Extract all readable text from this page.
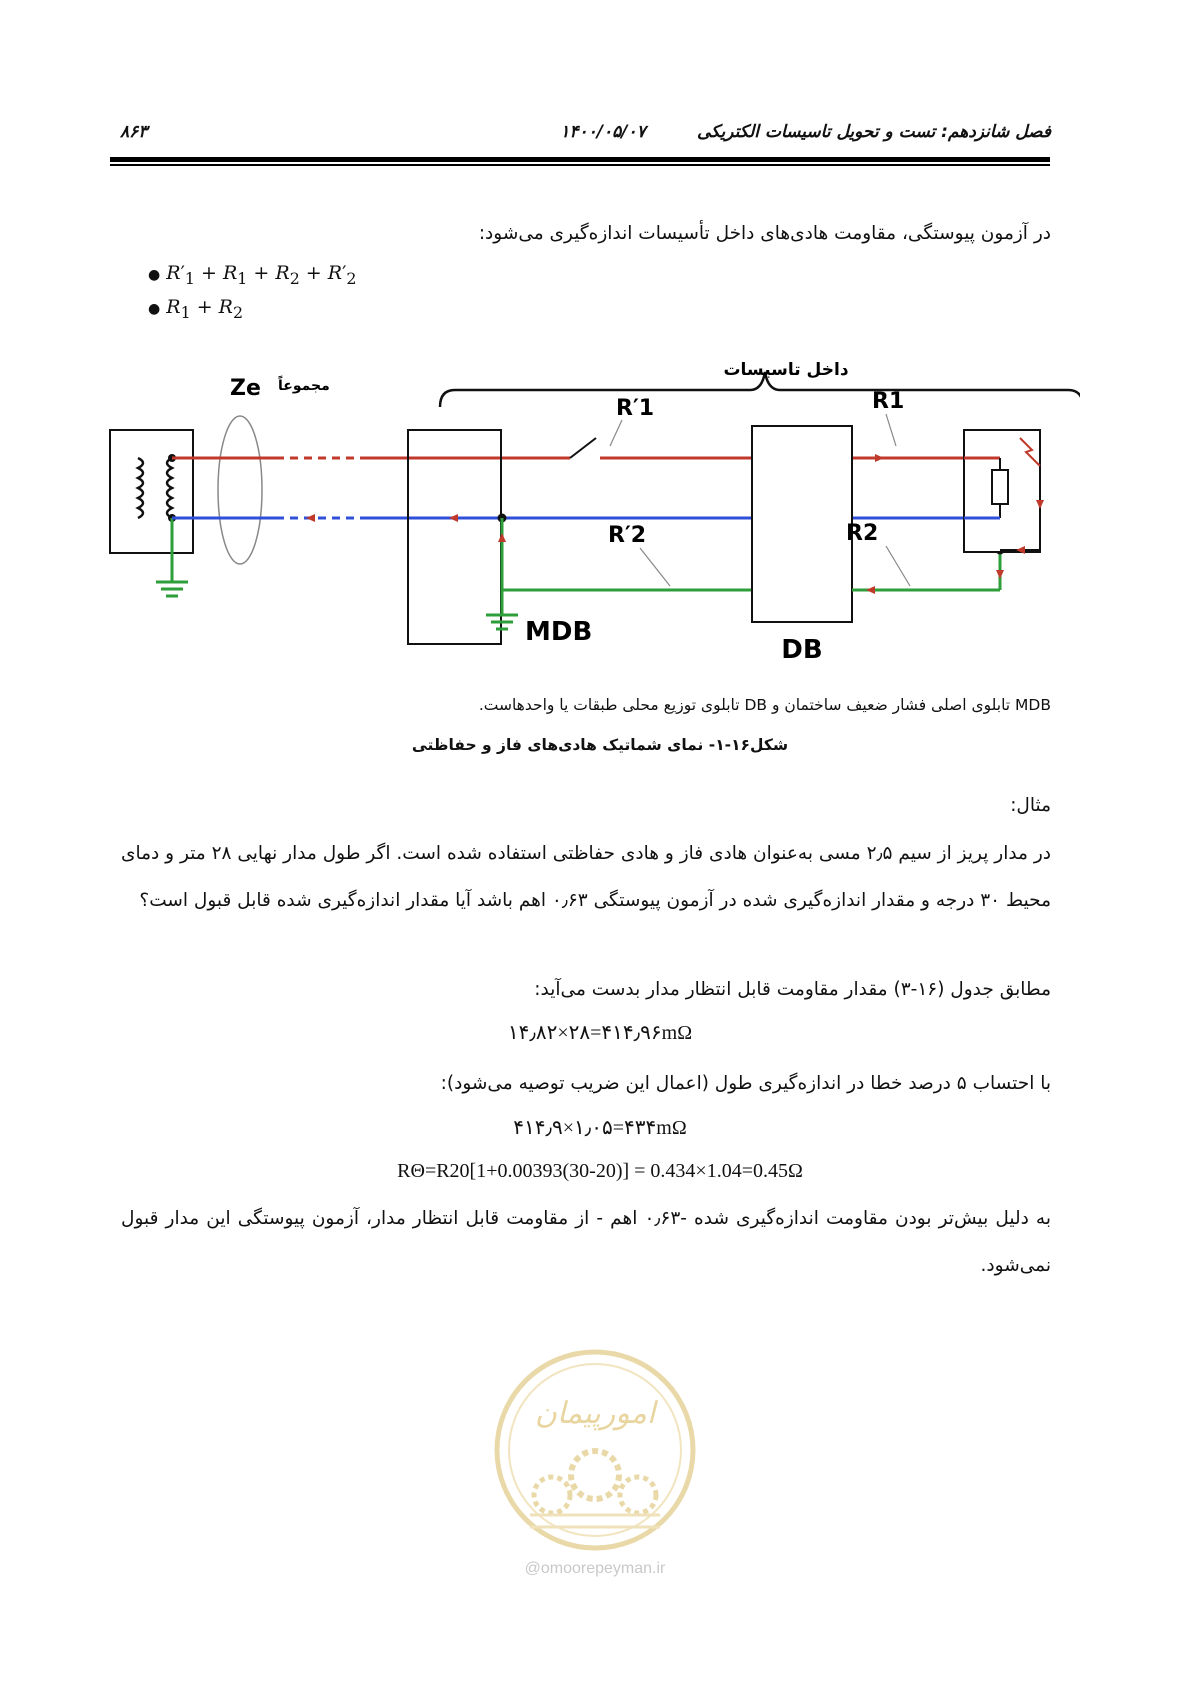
فصل شانزدهم: تست و تحویل تاسیسات الکتریکی
۱۴۰۰/۰۵/۰۷
۸۶۳
در آزمون پیوستگی، مقاومت هادی‌های داخل تأسیسات اندازه‌گیری می‌شود:
● $R'_1 + R_1 + R_2 + R'_2$
● $R_1 + R_2$
داخل تاسیسات
Ze مجموعاً
MDB
DB
R′1	R1
R′2	R2
MDB تابلوی اصلی فشار ضعیف ساختمان و DB تابلوی توزیع محلی طبقات یا واحدهاست.
شکل۱۶-۱- نمای شماتیک هادی‌های فاز و حفاظتی
مثال:
در مدار پریز از سیم ۲٫۵ مسی به‌عنوان هادی فاز و هادی حفاظتی استفاده شده است. اگر طول مدار نهایی ۲۸ متر و دمای محیط ۳۰ درجه و مقدار اندازه‌گیری شده در آزمون پیوستگی ۰٫۶۳ اهم باشد آیا مقدار اندازه‌گیری شده قابل قبول است؟
مطابق جدول (۱۶-۳) مقدار مقاومت قابل انتظار مدار بدست می‌آید:
۱۴٫۸۲×۲۸=۴۱۴٫۹۶mΩ
با احتساب ۵ درصد خطا در اندازه‌گیری طول (اعمال این ضریب توصیه می‌شود):
۴۱۴٫۹×۱٫۰۵=۴۳۴mΩ
RΘ=R20[1+0.00393(30-20)] = 0.434×1.04=0.45Ω
به دلیل بیش‌تر بودن مقاومت اندازه‌گیری شده -۰٫۶۳ اهم - از مقاومت قابل انتظار مدار، آزمون پیوستگی این مدار قبول نمی‌شود.
امورپیمان
@omoorepeyman.ir
